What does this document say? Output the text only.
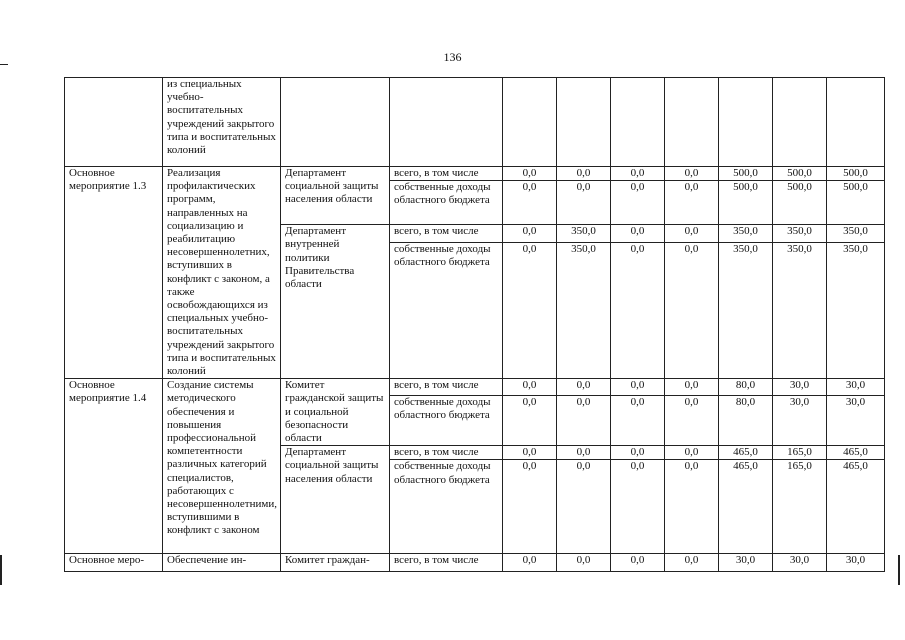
136
	из специальных учебно-воспитательных учреждений закрытого типа и воспитательных колоний									
Основное мероприятие 1.3	Реализация профилактических программ, направленных на социализацию и реабилитацию несовершеннолетних, вступивших в конфликт с законом, а также освобождающихся из специальных учебно-воспитательных учреждений закрытого типа и воспитательных колоний	Департамент социальной защиты населения области	всего, в том числе	0,0	0,0	0,0	0,0	500,0	500,0	500,0
			собственные доходы областного бюджета	0,0	0,0	0,0	0,0	500,0	500,0	500,0
		Департамент внутренней политики Правительства области	всего, в том числе	0,0	350,0	0,0	0,0	350,0	350,0	350,0
			собственные доходы областного бюджета	0,0	350,0	0,0	0,0	350,0	350,0	350,0
Основное мероприятие 1.4	Создание системы методического обеспечения и повышения профессиональной компетентности различных категорий специалистов, работающих с несовершеннолетними, вступившими в конфликт с законом	Комитет гражданской защиты и социальной безопасности области	всего, в том числе	0,0	0,0	0,0	0,0	80,0	30,0	30,0
			собственные доходы областного бюджета	0,0	0,0	0,0	0,0	80,0	30,0	30,0
		Департамент социальной защиты населения области	всего, в том числе	0,0	0,0	0,0	0,0	465,0	165,0	465,0
			собственные доходы областного бюджета	0,0	0,0	0,0	0,0	465,0	165,0	465,0
Основное меро-	Обеспечение ин-	Комитет граждан-	всего, в том числе	0,0	0,0	0,0	0,0	30,0	30,0	30,0
